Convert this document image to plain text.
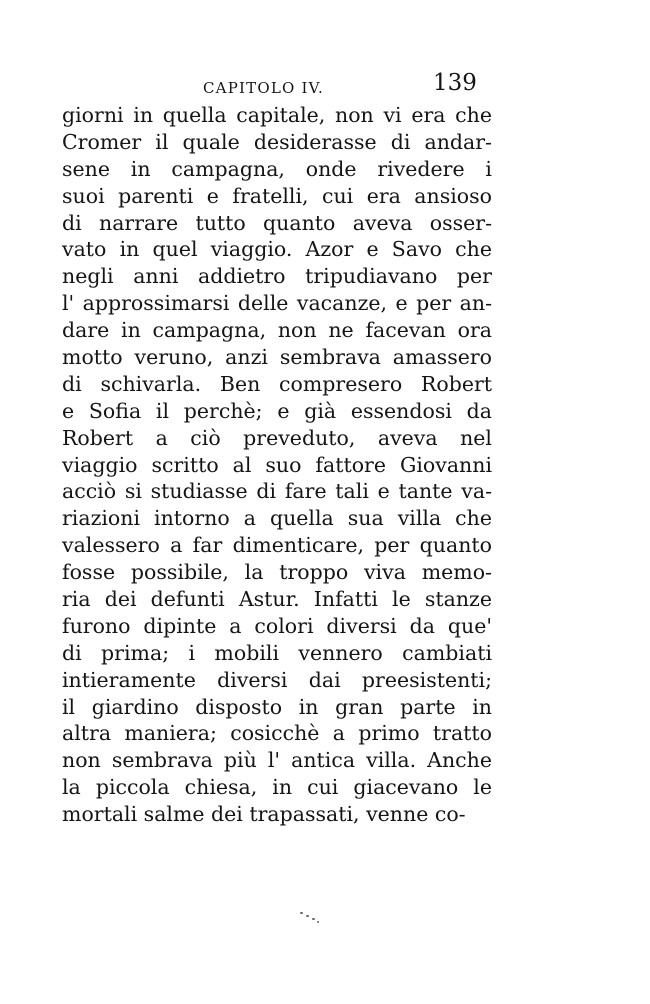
CAPITOLO IV.	139
giorni in quella capitale, non vi era che
Cromer il quale desiderasse di andar-
sene in campagna, onde rivedere i
suoi parenti e fratelli, cui era ansioso
di narrare tutto quanto aveva osser-
vato in quel viaggio. Azor e Savo che
negli anni addietro tripudiavano per
l' approssimarsi delle vacanze, e per an-
dare in campagna, non ne facevan ora
motto veruno, anzi sembrava amassero
di schivarla. Ben compresero Robert
e Sofia il perchè; e già essendosi da
Robert a ciò preveduto, aveva nel
viaggio scritto al suo fattore Giovanni
acciò si studiasse di fare tali e tante va-
riazioni intorno a quella sua villa che
valessero a far dimenticare, per quanto
fosse possibile, la troppo viva memo-
ria dei defunti Astur. Infatti le stanze
furono dipinte a colori diversi da que'
di prima; i mobili vennero cambiati
intieramente diversi dai preesistenti;
il giardino disposto in gran parte in
altra maniera; cosicchè a primo tratto
non sembrava più l' antica villa. Anche
la piccola chiesa, in cui giacevano le
mortali salme dei trapassati, venne co-
